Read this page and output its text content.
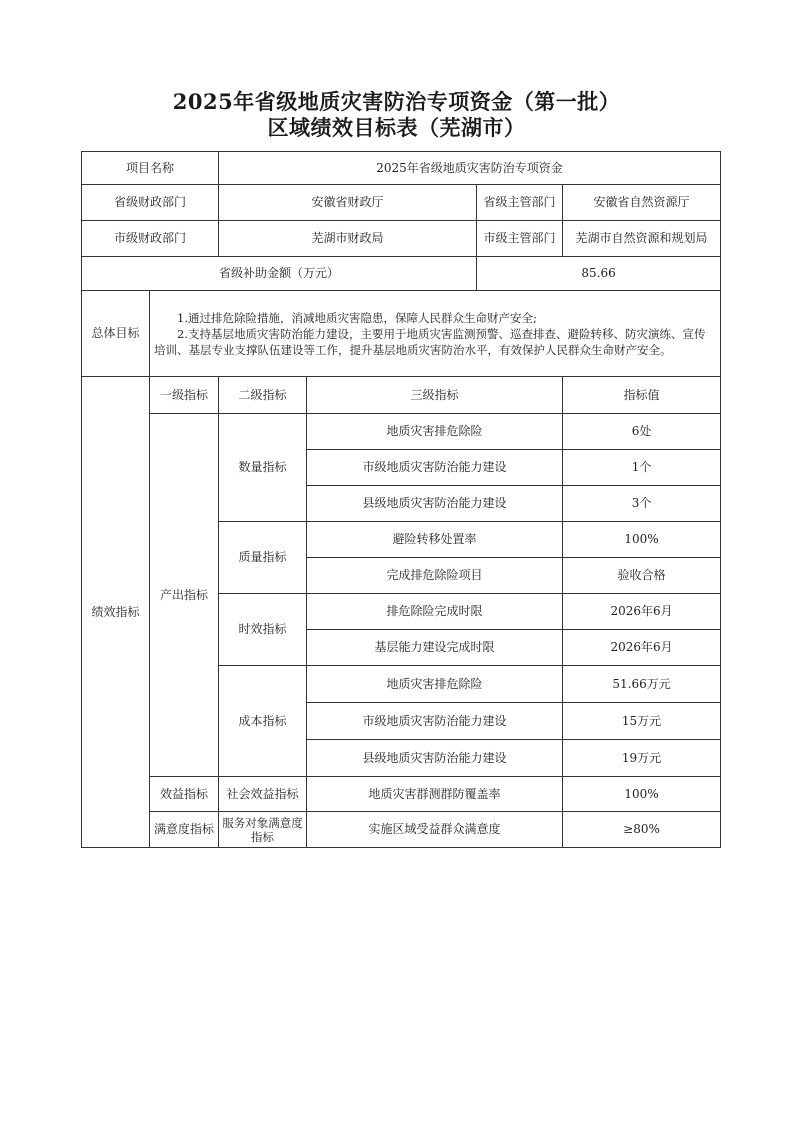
2025年省级地质灾害防治专项资金（第一批）
区域绩效目标表（芜湖市）
项目名称		2025年省级地质灾害防治专项资金			
省级财政部门		安徽省财政厅		省级主管部门	安徽省自然资源厅
市级财政部门		芜湖市财政局		市级主管部门	芜湖市自然资源和规划局
省级补助金额（万元）				85.66	
总体目标	1.通过排危除险措施，消减地质灾害隐患，保障人民群众生命财产安全;

2.支持基层地质灾害防治能力建设，主要用于地质灾害监测预警、巡查排查、避险转移、防灾演练、宣传培训、基层专业支撑队伍建设等工作，提升基层地质灾害防治水平，有效保护人民群众生命财产安全。				

绩效指标	一级指标	二级指标	三级指标		指标值
	产出指标	数量指标	地质灾害排危除险		6处
			市级地质灾害防治能力建设		1个
			县级地质灾害防治能力建设		3个
		质量指标	避险转移处置率		100%
			完成排危除险项目		验收合格
		时效指标	排危除险完成时限		2026年6月
			基层能力建设完成时限		2026年6月
		成本指标	地质灾害排危除险		51.66万元
			市级地质灾害防治能力建设		15万元
			县级地质灾害防治能力建设		19万元
	效益指标	社会效益指标	地质灾害群测群防覆盖率		100%
	满意度指标	服务对象满意度指标	实施区域受益群众满意度		≥80%
